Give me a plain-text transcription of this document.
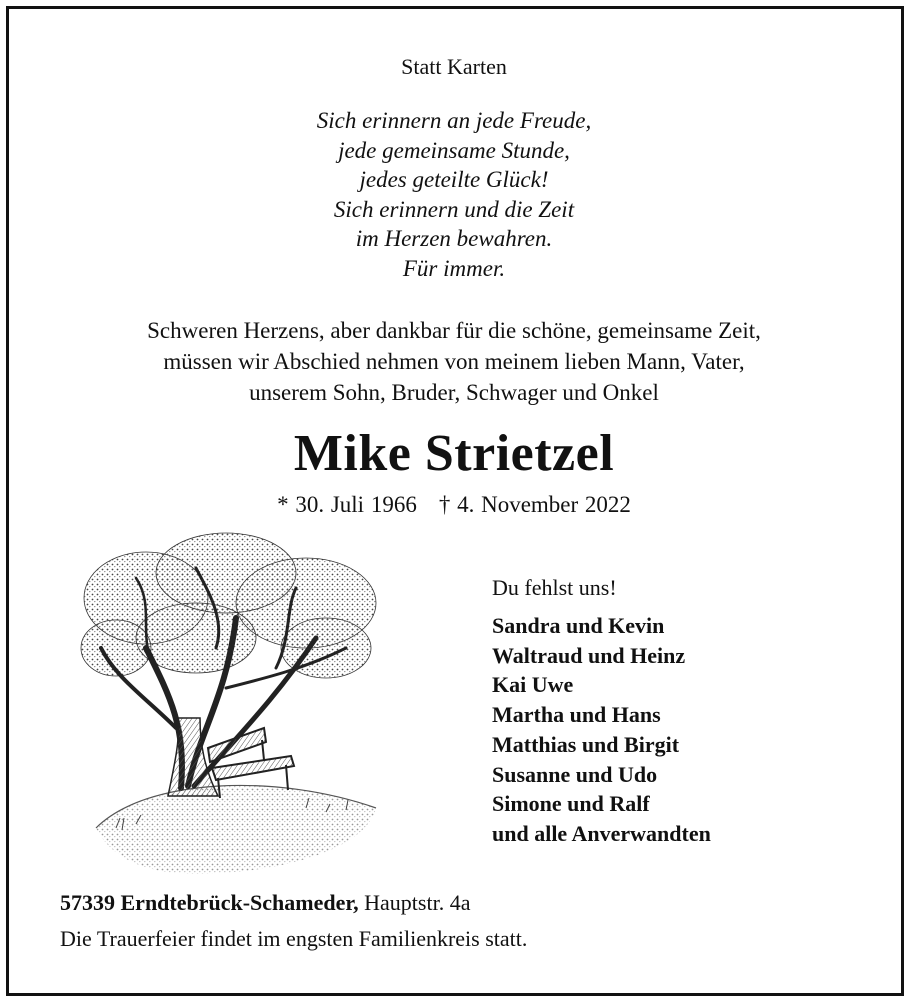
Statt Karten
Sich erinnern an jede Freude,
jede gemeinsame Stunde,
jedes geteilte Glück!
Sich erinnern und die Zeit
im Herzen bewahren.
Für immer.
Schweren Herzens, aber dankbar für die schöne, gemeinsame Zeit,
müssen wir Abschied nehmen von meinem lieben Mann, Vater,
unserem Sohn, Bruder, Schwager und Onkel
Mike Strietzel
* 30. Juli 1966 † 4. November 2022
Du fehlst uns!
Sandra und Kevin
Waltraud und Heinz
Kai Uwe
Martha und Hans
Matthias und Birgit
Susanne und Udo
Simone und Ralf
und alle Anverwandten
57339 Erndtebrück-Schameder, Hauptstr. 4a
Die Trauerfeier findet im engsten Familienkreis statt.
